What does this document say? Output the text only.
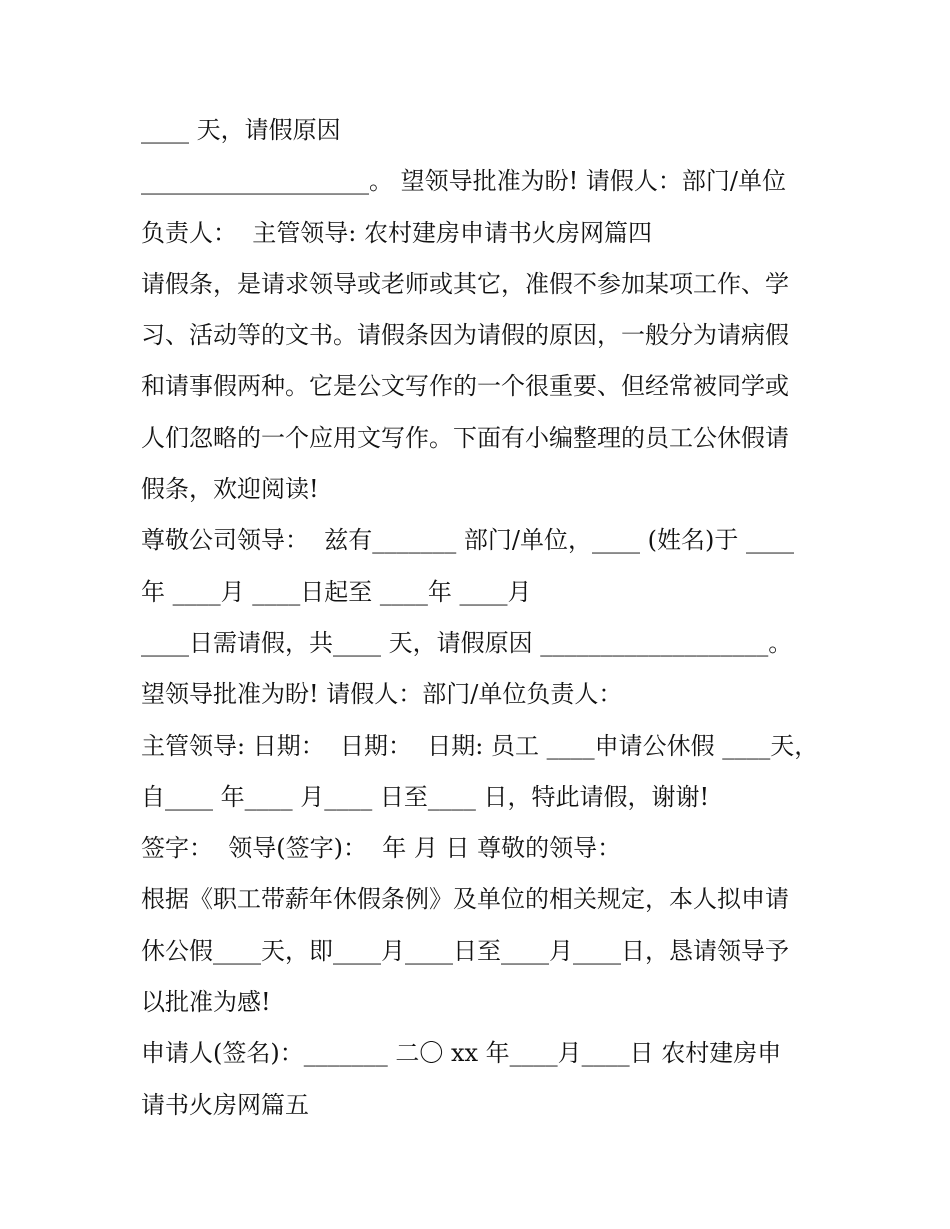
____ 天，请假原因
___________________。 望领导批准为盼! 请假人：部门/单位
负责人：  主管领导: 农村建房申请书火房网篇四
请假条，是请求领导或老师或其它，准假不参加某项工作、学
习、活动等的文书。请假条因为请假的原因，一般分为请病假
和请事假两种。它是公文写作的一个很重要、但经常被同学或
人们忽略的一个应用文写作。下面有小编整理的员工公休假请
假条，欢迎阅读!
尊敬公司领导：  兹有_______ 部门/单位，____ (姓名)于 ____
年 ____月 ____日起至 ____年 ____月
____日需请假，共____ 天，请假原因 ___________________。
望领导批准为盼! 请假人：部门/单位负责人：
主管领导: 日期：  日期：  日期: 员工 ____申请公休假 ____天，
自____ 年____ 月____ 日至____ 日，特此请假，谢谢!
签字：  领导(签字)：  年 月 日 尊敬的领导：
根据《职工带薪年休假条例》及单位的相关规定，本人拟申请
休公假____天，即____月____日至____月____日，恳请领导予
以批准为感!
申请人(签名)：_______ 二〇 xx 年____月____日 农村建房申
请书火房网篇五
